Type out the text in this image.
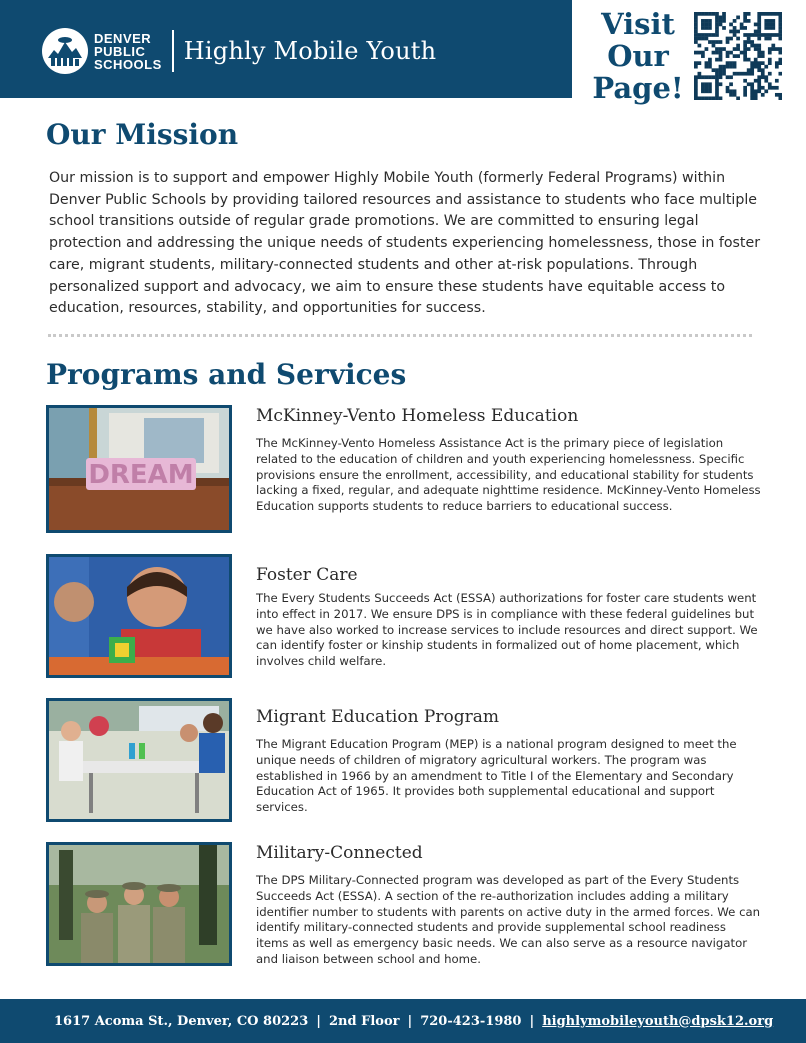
DENVER
PUBLIC
SCHOOLS Highly Mobile Youth
Visit
Our
Page!
Our Mission

Our mission is to support and empower Highly Mobile Youth (formerly Federal Programs) within Denver Public Schools by providing tailored resources and assistance to students who face multiple school transitions outside of regular grade promotions. We are committed to ensuring legal protection and addressing the unique needs of students experiencing homelessness, those in foster care, migrant students, military-connected students and other at-risk populations. Through personalized support and advocacy, we aim to ensure these students have equitable access to education, resources, stability, and opportunities for success.

Programs and Services
DREAM
McKinney-Vento Homeless Education

The McKinney-Vento Homeless Assistance Act is the primary piece of legislation related to the education of children and youth experiencing homelessness. Specific provisions ensure the enrollment, accessibility, and educational stability for students lacking a fixed, regular, and adequate nighttime residence. McKinney-Vento Homeless Education supports students to reduce barriers to educational success.

Foster Care

The Every Students Succeeds Act (ESSA) authorizations for foster care students went into effect in 2017. We ensure DPS is in compliance with these federal guidelines but we have also worked to increase services to include resources and direct support. We can identify foster or kinship students in formalized out of home placement, which involves child welfare.

Migrant Education Program

The Migrant Education Program (MEP) is a national program designed to meet the unique needs of children of migratory agricultural workers. The program was established in 1966 by an amendment to Title I of the Elementary and Secondary Education Act of 1965. It provides both supplemental educational and support services.

Military-Connected

The DPS Military-Connected program was developed as part of the Every Students Succeeds Act (ESSA). A section of the re-authorization includes adding a military identifier number to students with parents on active duty in the armed forces. We can identify military-connected students and provide supplemental school readiness items as well as emergency basic needs. We can also serve as a resource navigator and liaison between school and home.

1617 Acoma St., Denver, CO 80223 | 2nd Floor | 720-423-1980 | highlymobileyouth@dpsk12.org
